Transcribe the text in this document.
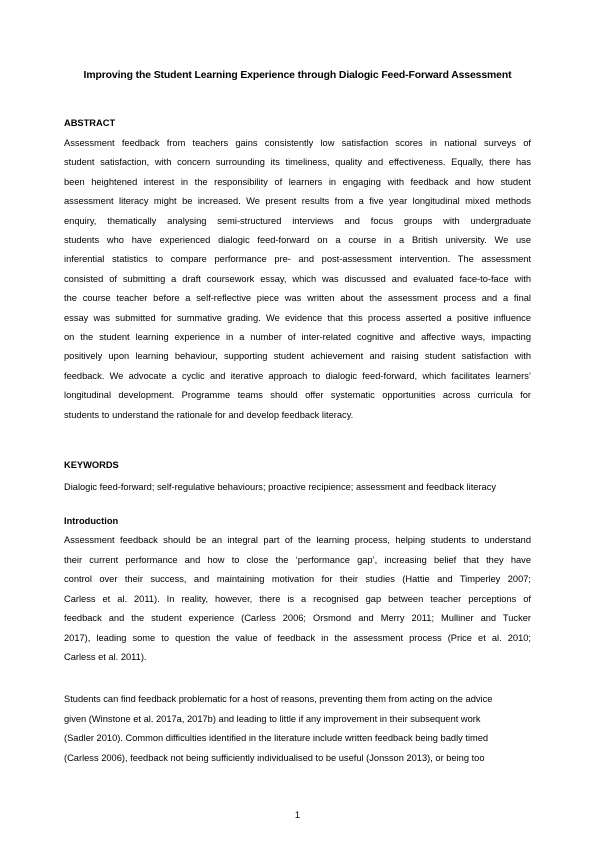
Improving the Student Learning Experience through Dialogic Feed-Forward Assessment
ABSTRACT
Assessment feedback from teachers gains consistently low satisfaction scores in national surveys of
student satisfaction, with concern surrounding its timeliness, quality and effectiveness. Equally, there has
been heightened interest in the responsibility of learners in engaging with feedback and how student
assessment literacy might be increased. We present results from a five year longitudinal mixed methods
enquiry, thematically analysing semi-structured interviews and focus groups with undergraduate
students who have experienced dialogic feed-forward on a course in a British university. We use
inferential statistics to compare performance pre- and post-assessment intervention. The assessment
consisted of submitting a draft coursework essay, which was discussed and evaluated face-to-face with
the course teacher before a self-reflective piece was written about the assessment process and a final
essay was submitted for summative grading. We evidence that this process asserted a positive influence
on the student learning experience in a number of inter-related cognitive and affective ways, impacting
positively upon learning behaviour, supporting student achievement and raising student satisfaction with
feedback. We advocate a cyclic and iterative approach to dialogic feed-forward, which facilitates learners’
longitudinal development. Programme teams should offer systematic opportunities across curricula for
students to understand the rationale for and develop feedback literacy.
KEYWORDS
Dialogic feed-forward; self-regulative behaviours; proactive recipience; assessment and feedback literacy
Introduction
Assessment feedback should be an integral part of the learning process, helping students to understand
their current performance and how to close the ‘performance gap’, increasing belief that they have
control over their success, and maintaining motivation for their studies (Hattie and Timperley 2007;
Carless et al. 2011). In reality, however, there is a recognised gap between teacher perceptions of
feedback and the student experience (Carless 2006; Orsmond and Merry 2011; Mulliner and Tucker
2017), leading some to question the value of feedback in the assessment process (Price et al. 2010;
Carless et al. 2011).
Students can find feedback problematic for a host of reasons, preventing them from acting on the advice
given (Winstone et al. 2017a, 2017b) and leading to little if any improvement in their subsequent work
(Sadler 2010). Common difficulties identified in the literature include written feedback being badly timed
(Carless 2006), feedback not being sufficiently individualised to be useful (Jonsson 2013), or being too
1
